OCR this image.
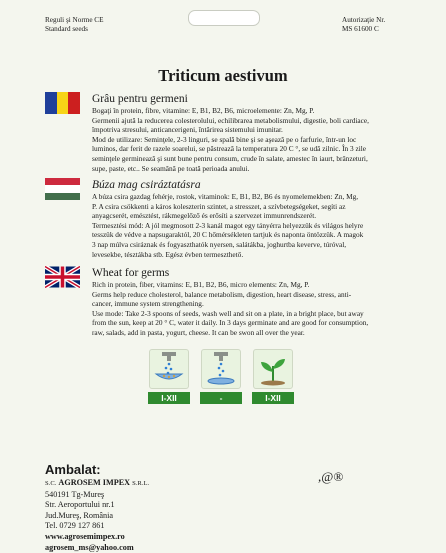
Reguli şi Norme CE
Standard seeds
Autorizaţie Nr.
MS 61600 C
Triticum aestivum
Grâu pentru germeni
Bogaţi în protein, fibre, vitamine: E, B1, B2, B6, microelemente: Zn, Mg, P.
Germenii ajută la reducerea colesterolului, echilibrarea metabolismului, digestie, boli cardiace,
împotriva stresului, anticancerigeni, întărirea sistemului imunitar.
Mod de utilizare: Seminţele, 2-3 linguri, se spală bine şi se aşează pe o farfurie, într-un loc
luminos, dar ferit de razele soarelui, se păstrează la temperatura 20 C °, se udă zilnic. În 3 zile
seminţele germinează şi sunt bune pentru consum, crude în salate, amestec în iaurt, brânzeturi,
supe, paste, etc.. Se seamănă pe toată perioada anului.
Búza mag csiráztatásra
A búza csira gazdag fehérje, rostok, vitaminok: E, B1, B2, B6 és nyomelemekben: Zn, Mg,
P. A csira csökkenti a káros koleszterin szintet, a stresszet, a szívbetegségeket, segíti az
anyagcserét, emésztést, rákmegelőző és erősíti a szervezet immunrendszerét.
Termesztési mód: A jól megmosott 2-3 kanál magot egy tányérra helyezzük és világos helyre
tesszük de védve a napsugaraktól, 20 C hőmérsékleten tartjuk és naponta öntözzük. A magok
3 nap múlva csiráznak és fogyaszthatók nyersen, salátákba, joghurtba keverve, túróval,
levesekbe, tésztákba stb. Egész évben termeszthető.
Wheat for germs
Rich in protein, fiber, vitamins: E, B1, B2, B6, micro elements: Zn, Mg, P.
Germs help reduce cholesterol, balance metabolism, digestion, heart disease, stress, anti-
cancer, immune system strengthening.
Use mode: Take 2-3 spoons of seeds, wash well and sit on a plate, in a bright place, but away
from the sun, keep at 20 ° C, water it daily. In 3 days germinate and are good for consumption,
raw, salads, add in pasta, yogurt, cheese. It can be swon all over the year.
I-XII	-	I-XII
Ambalat:
S.C. AGROSEM IMPEX S.R.L.
540191 Tg-Mureş
Str. Aeroportului nr.1
Jud.Mureş, România
Tel. 0729 127 861
www.agrosemimpex.ro
agrosem_ms@yahoo.com
,@®
